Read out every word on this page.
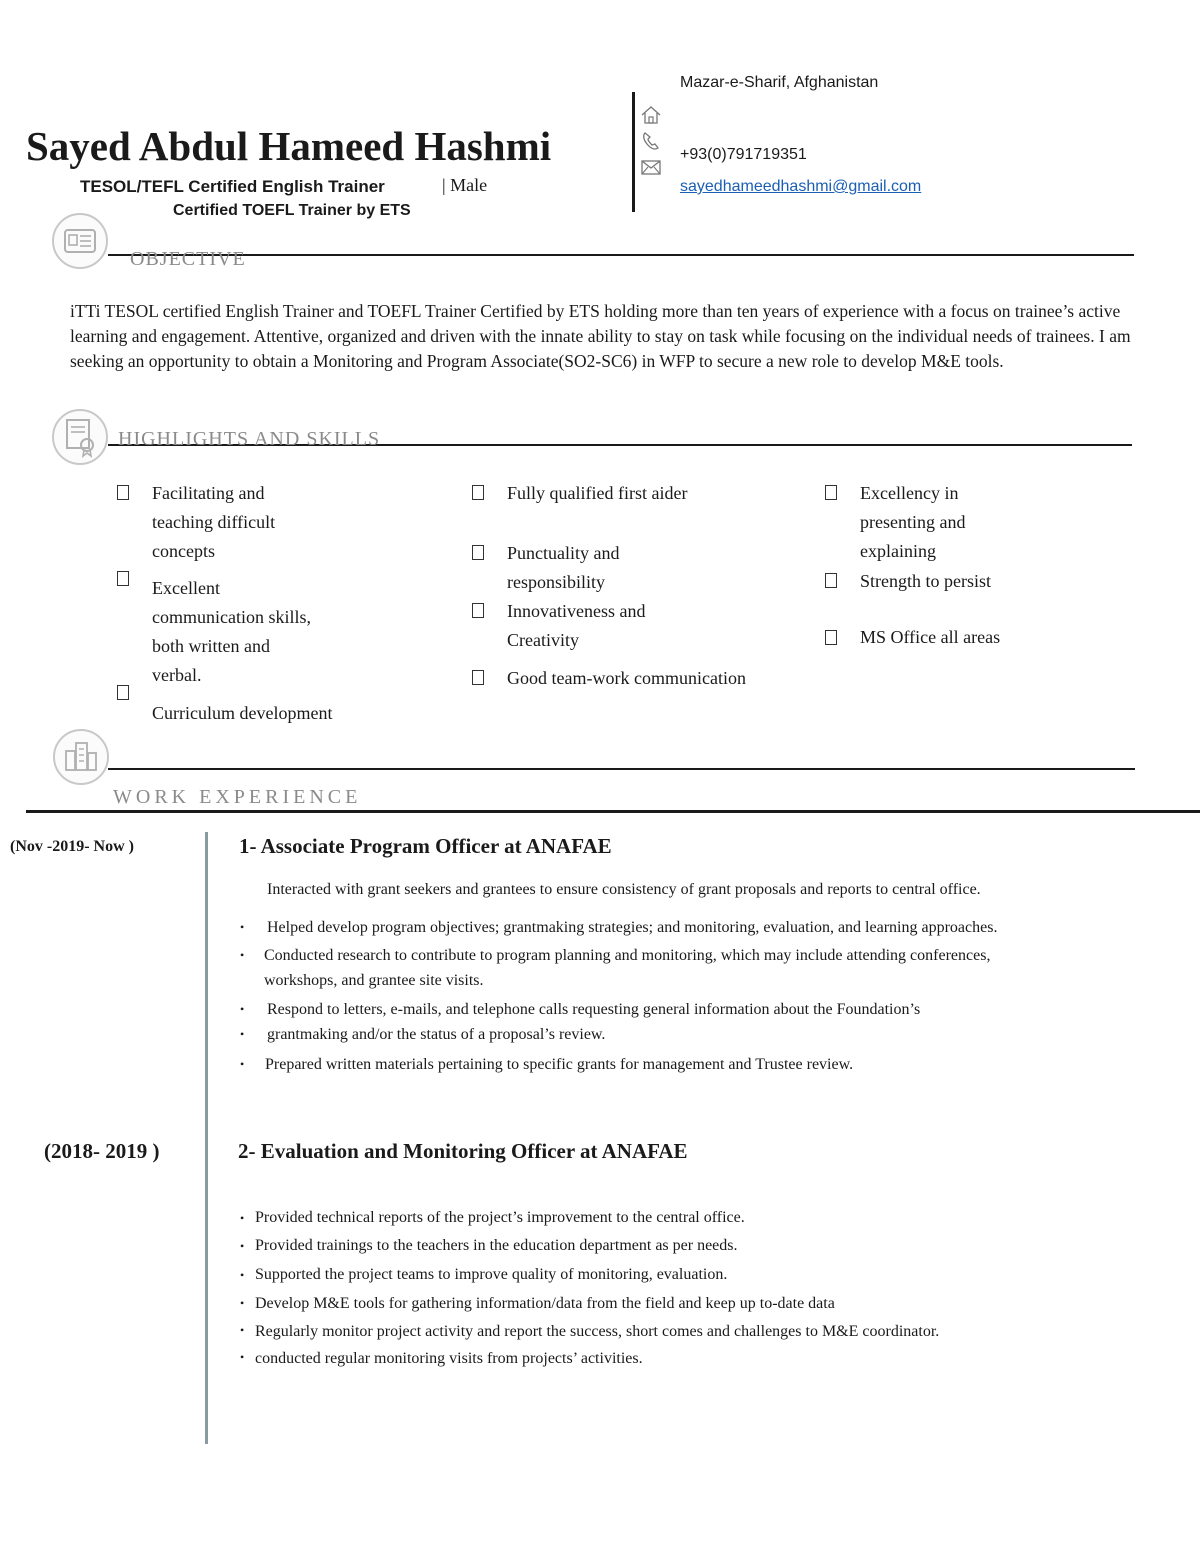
Sayed Abdul Hameed Hashmi
TESOL/TEFL Certified English Trainer	| Male
Certified TOEFL Trainer by ETS
Mazar-e-Sharif, Afghanistan
+93(0)791719351
sayedhameedhashmi@gmail.com
OBJECTIVE
iTTi TESOL certified English Trainer and TOEFL Trainer Certified by ETS holding more than ten years of experience with a focus on trainee’s active learning and engagement. Attentive, organized and driven with the innate ability to stay on task while focusing on the individual needs of trainees. I am seeking an opportunity to obtain a Monitoring and Program Associate(SO2-SC6) in WFP to secure a new role to develop M&E tools.
HIGHLIGHTS AND SKILLS
Facilitating and teaching difficult concepts
Excellent communication skills, both written and verbal.
Curriculum development
Fully qualified first aider
Punctuality and responsibility
Innovativeness and Creativity
Good team-work communication
Excellency in presenting and explaining
Strength to persist
MS Office all areas
WORK EXPERIENCE
(Nov -2019- Now )	1- Associate Program Officer at ANAFAE
Interacted with grant seekers and grantees to ensure consistency of grant proposals and reports to central office.
• Helped develop program objectives; grantmaking strategies; and monitoring, evaluation, and learning approaches.
• Conducted research to contribute to program planning and monitoring, which may include attending conferences,
workshops, and grantee site visits.
• Respond to letters, e-mails, and telephone calls requesting general information about the Foundation’s
• grantmaking and/or the status of a proposal’s review.
• Prepared written materials pertaining to specific grants for management and Trustee review.
(2018- 2019 )	2- Evaluation and Monitoring Officer at ANAFAE
• Provided technical reports of the project’s improvement to the central office.
• Provided trainings to the teachers in the education department as per needs.
• Supported the project teams to improve quality of monitoring, evaluation.
• Develop M&E tools for gathering information/data from the field and keep up to-date data
• Regularly monitor project activity and report the success, short comes and challenges to M&E coordinator.
• conducted regular monitoring visits from projects’ activities.
